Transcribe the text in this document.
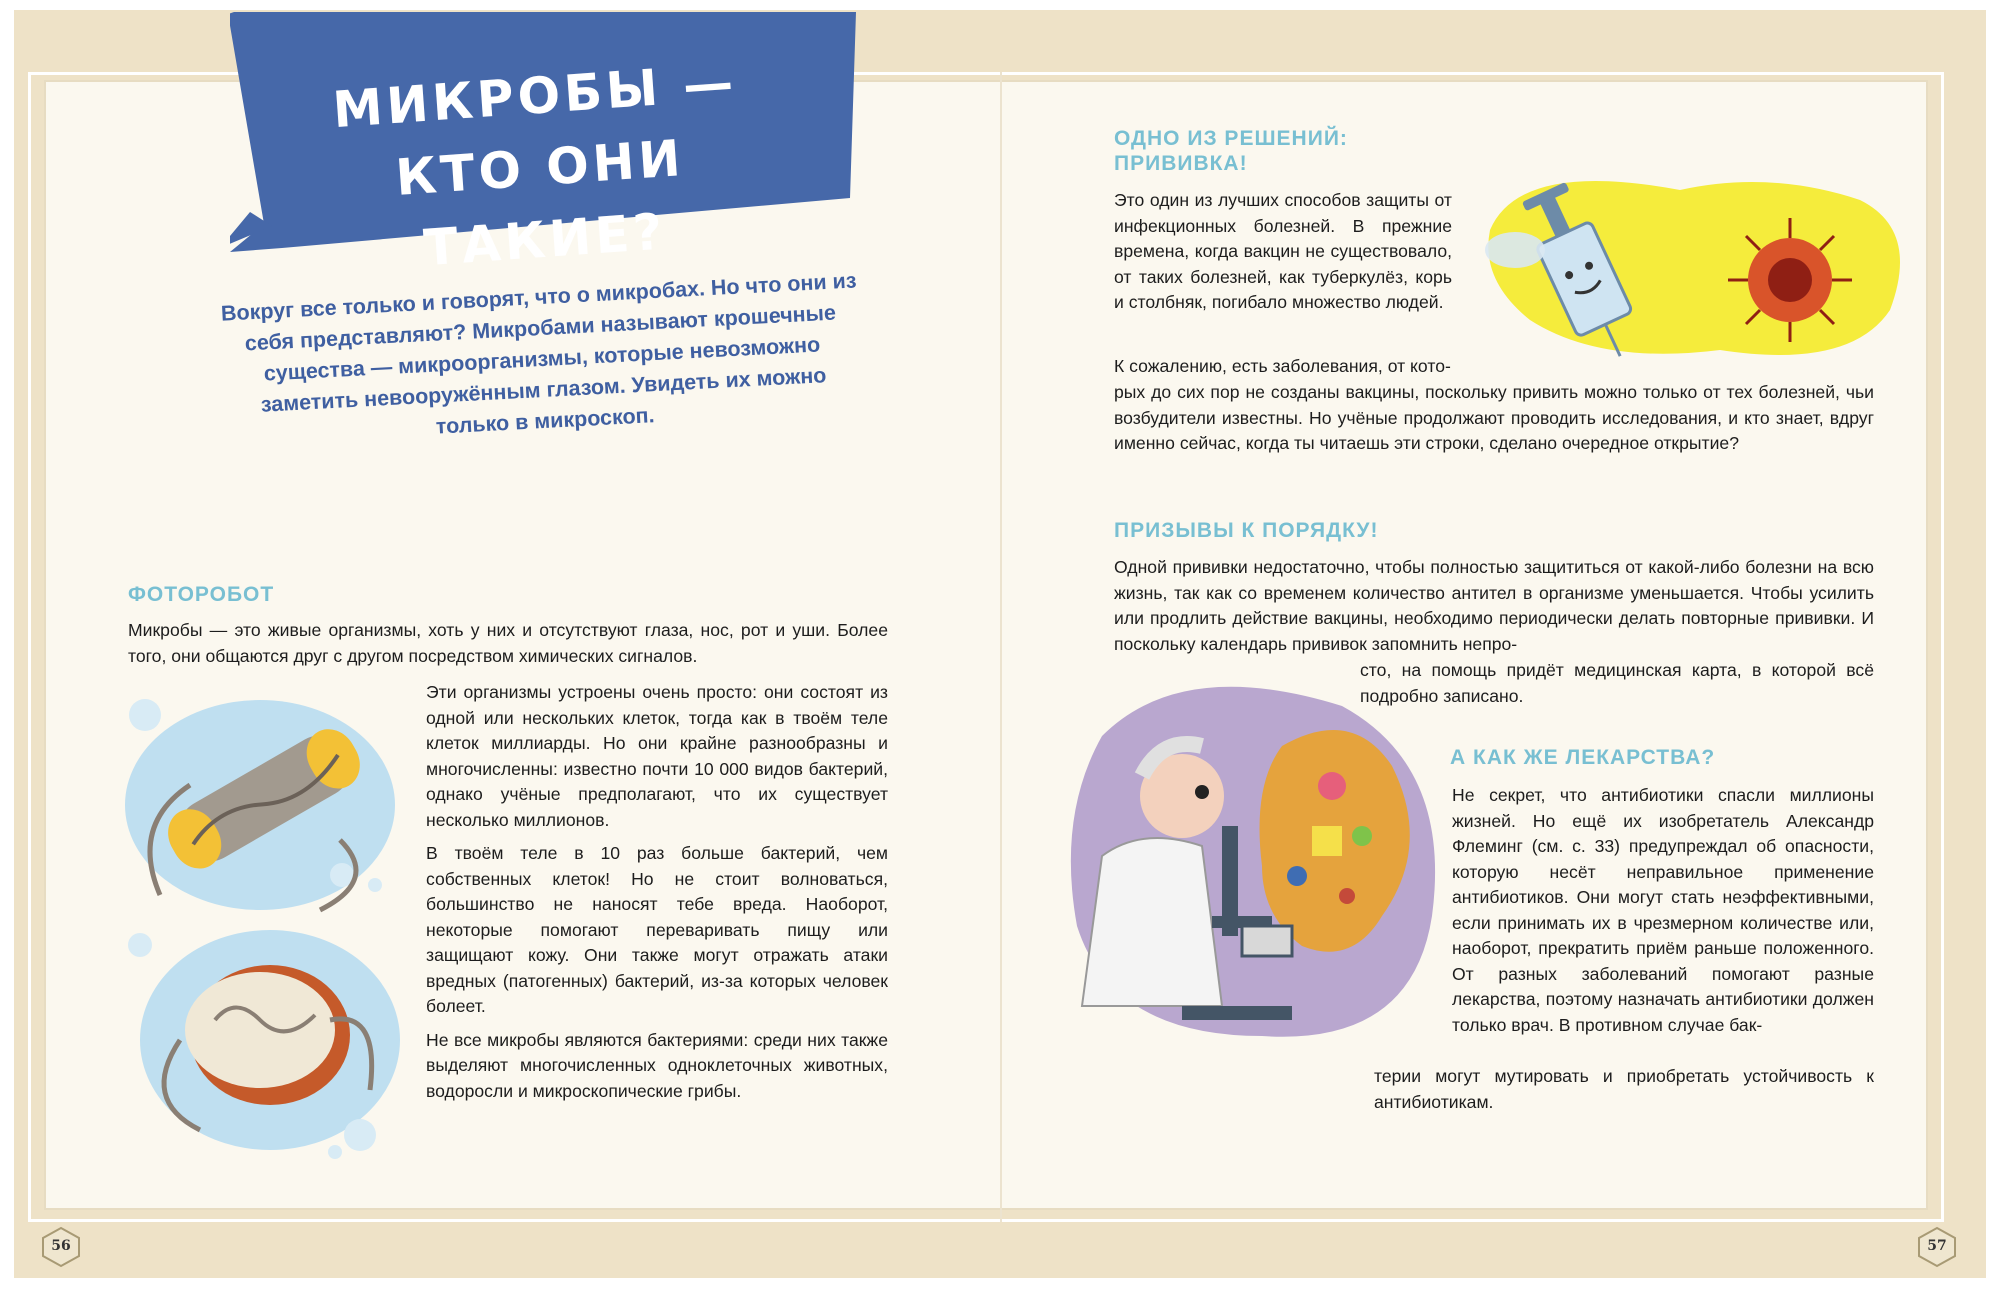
МИКРОБЫ —
КТО ОНИ ТАКИЕ?
Вокруг все только и говорят, что о микробах. Но что они из себя представляют? Микробами называют крошечные существа — микроорганизмы, которые невозможно заметить невооружённым глазом. Увидеть их можно только в микроскоп.
ФОТОРОБОТ

Микробы — это живые организмы, хоть у них и отсутствуют глаза, нос, рот и уши. Более того, они общаются друг с другом посредством химических сигналов.

Эти организмы устроены очень просто: они состоят из одной или нескольких клеток, тогда как в твоём теле клеток миллиарды. Но они крайне разнообразны и многочисленны: известно почти 10 000 видов бактерий, однако учёные предполагают, что их существует несколько миллионов.

В твоём теле в 10 раз больше бактерий, чем собственных клеток! Но не стоит волноваться, большинство не наносят тебе вреда. Наоборот, некоторые помогают переваривать пищу или защищают кожу. Они также могут отражать атаки вредных (патогенных) бактерий, из-за которых человек болеет.

Не все микробы являются бактериями: среди них также выделяют многочисленных одноклеточных животных, водоросли и микроскопические грибы.

ОДНО ИЗ РЕШЕНИЙ:
ПРИВИВКА!

Это один из лучших способов защиты от инфекционных болезней. В прежние времена, когда вакцин не существовало, от таких болезней, как туберкулёз, корь и столбняк, погибало множество людей.

К сожалению, есть заболевания, от кото-

рых до сих пор не созданы вакцины, поскольку привить можно только от тех болезней, чьи возбудители известны. Но учёные продолжают проводить исследования, и кто знает, вдруг именно сейчас, когда ты читаешь эти строки, сделано очередное открытие?

ПРИЗЫВЫ К ПОРЯДКУ!

Одной прививки недостаточно, чтобы полностью защититься от какой-либо болезни на всю жизнь, так как со временем количество антител в организме уменьшается. Чтобы усилить или продлить действие вакцины, необходимо периодически делать повторные прививки. И поскольку календарь прививок запомнить непро-

сто, на помощь придёт медицинская карта, в которой всё подробно записано.

А КАК ЖЕ ЛЕКАРСТВА?

Не секрет, что антибиотики спасли миллионы жизней. Но ещё их изобретатель Александр Флеминг (см. с. 33) предупреждал об опасности, которую несёт неправильное применение антибиотиков. Они могут стать неэффективными, если принимать их в чрезмерном количестве или, наоборот, прекратить приём раньше положенного. От разных заболеваний помогают разные лекарства, поэтому назначать антибиотики должен только врач. В противном случае бак-

терии могут мутировать и приобретать устойчивость к антибиотикам.

56	57
